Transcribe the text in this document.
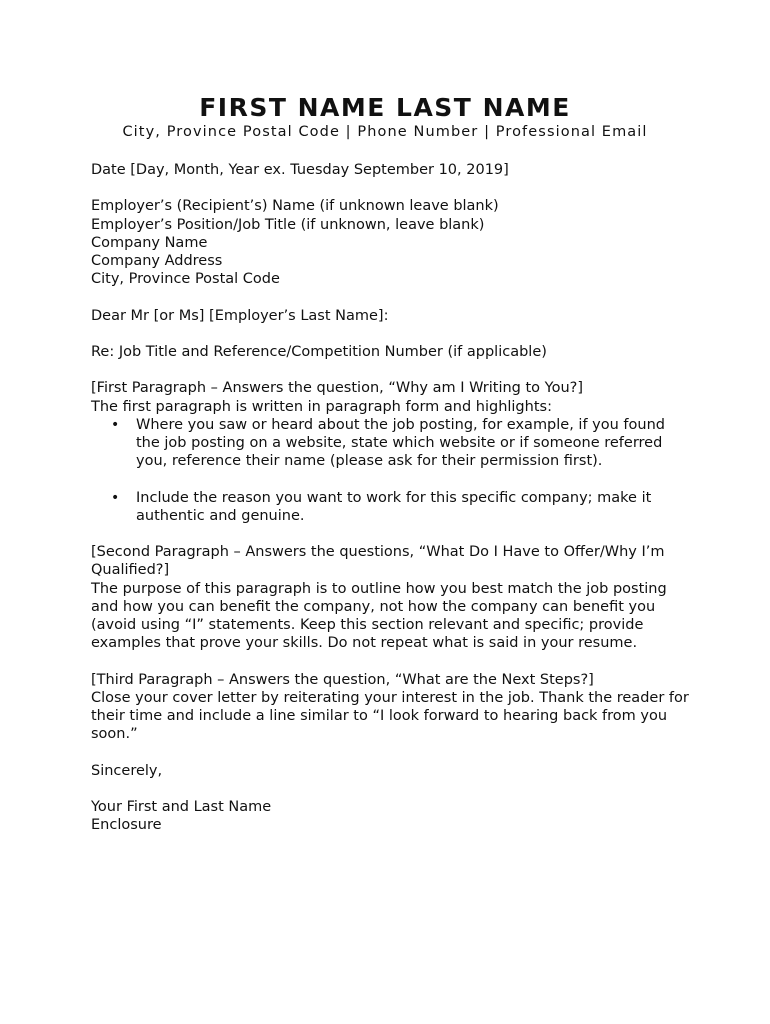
FIRST NAME LAST NAME
City, Province Postal Code | Phone Number | Professional Email

Date [Day, Month, Year ex. Tuesday September 10, 2019]

Employer’s (Recipient’s) Name (if unknown leave blank)

Employer’s Position/Job Title (if unknown, leave blank)

Company Name

Company Address

City, Province Postal Code

Dear Mr [or Ms] [Employer’s Last Name]:

Re: Job Title and Reference/Competition Number (if applicable)

[First Paragraph – Answers the question, “Why am I Writing to You?]

The first paragraph is written in paragraph form and highlights:

• Where you saw or heard about the job posting, for example, if you found the job posting on a website, state which website or if someone referred you, reference their name (please ask for their permission first).
• Include the reason you want to work for this specific company; make it authentic and genuine.

[Second Paragraph – Answers the questions, “What Do I Have to Offer/Why I’m Qualified?]

The purpose of this paragraph is to outline how you best match the job posting and how you can benefit the company, not how the company can benefit you (avoid using “I” statements. Keep this section relevant and specific; provide examples that prove your skills. Do not repeat what is said in your resume.

[Third Paragraph – Answers the question, “What are the Next Steps?]

Close your cover letter by reiterating your interest in the job. Thank the reader for their time and include a line similar to “I look forward to hearing back from you soon.”

Sincerely,

Your First and Last Name

Enclosure
